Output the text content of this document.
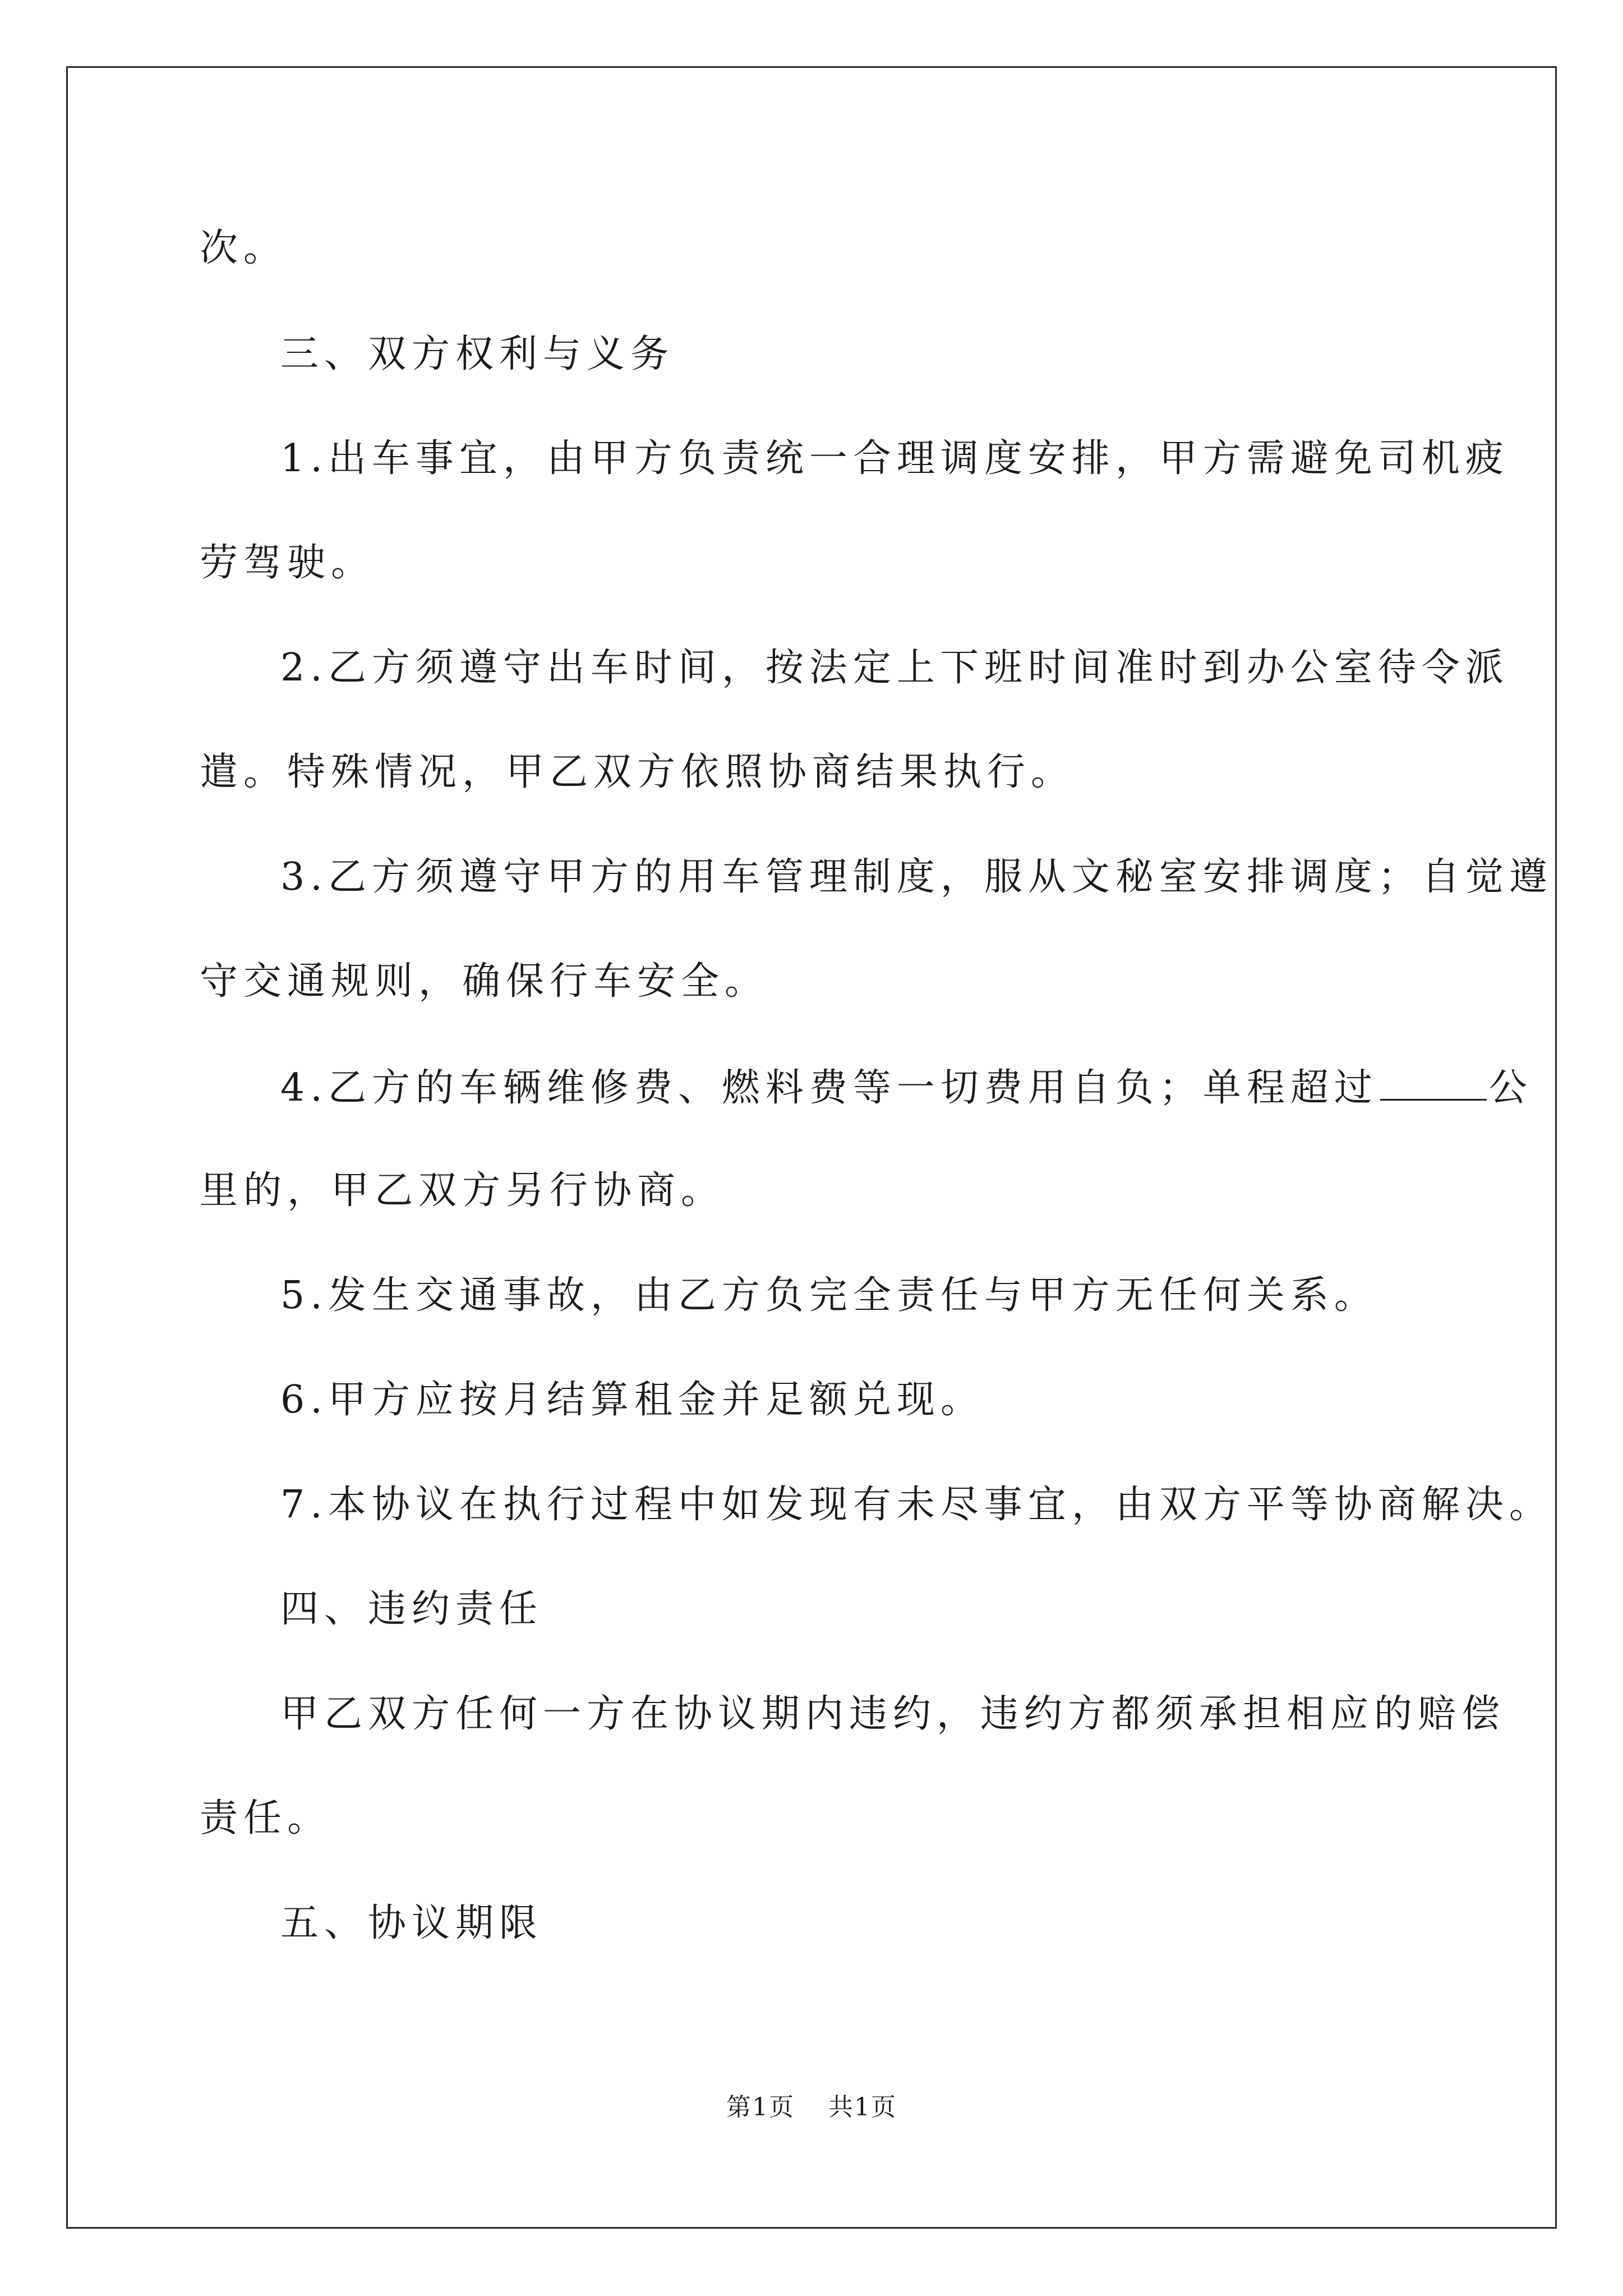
次。

三、双方权利与义务

1.出车事宜，由甲方负责统一合理调度安排，甲方需避免司机疲

劳驾驶。

2.乙方须遵守出车时间，按法定上下班时间准时到办公室待令派

遣。特殊情况，甲乙双方依照协商结果执行。

3.乙方须遵守甲方的用车管理制度，服从文秘室安排调度；自觉遵

守交通规则，确保行车安全。

4.乙方的车辆维修费、燃料费等一切费用自负；单程超过	公

里的，甲乙双方另行协商。

5.发生交通事故，由乙方负完全责任与甲方无任何关系。

6.甲方应按月结算租金并足额兑现。

7.本协议在执行过程中如发现有未尽事宜，由双方平等协商解决。

四、违约责任

甲乙双方任何一方在协议期内违约，违约方都须承担相应的赔偿

责任。

五、协议期限

第1页 共1页
